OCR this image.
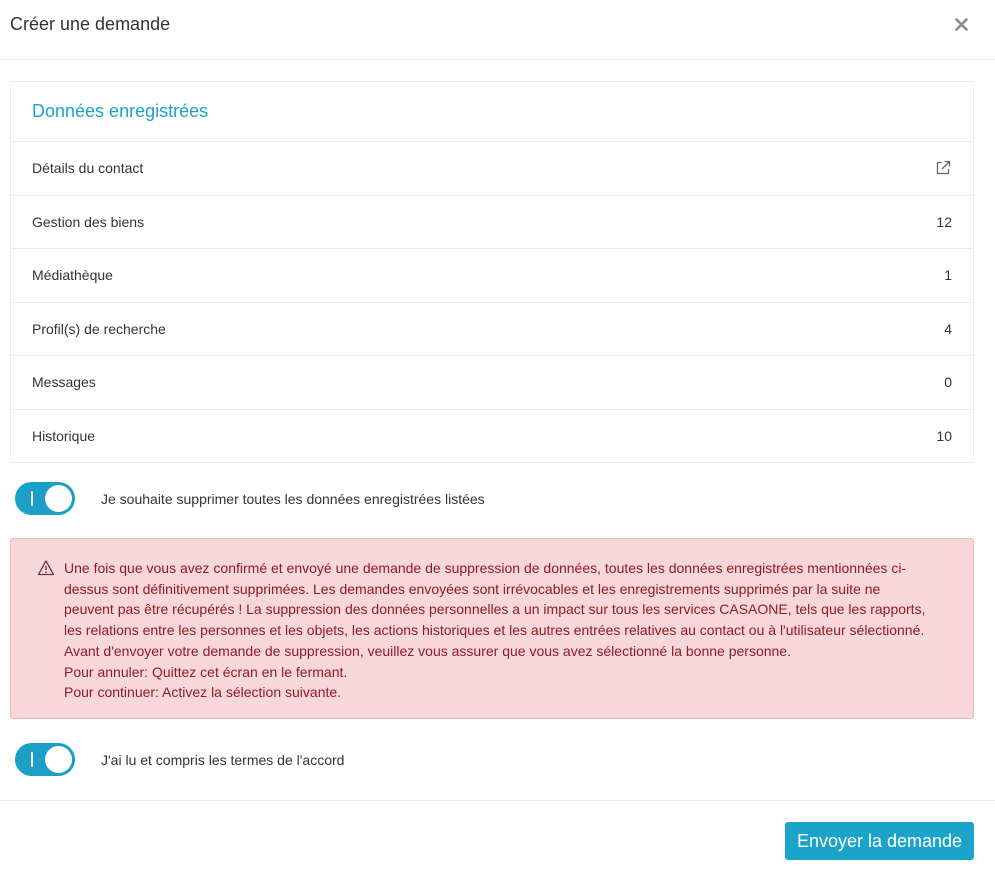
Créer une demande
Données enregistrées
Détails du contact
Gestion des biens	12
Médiathèque	1
Profil(s) de recherche	4
Messages	0
Historique	10
Je souhaite supprimer toutes les données enregistrées listées

Une fois que vous avez confirmé et envoyé une demande de suppression de données, toutes les données enregistrées mentionnées ci-

dessus sont définitivement supprimées. Les demandes envoyées sont irrévocables et les enregistrements supprimés par la suite ne

peuvent pas être récupérés ! La suppression des données personnelles a un impact sur tous les services CASAONE, tels que les rapports,

les relations entre les personnes et les objets, les actions historiques et les autres entrées relatives au contact ou à l'utilisateur sélectionné.

Avant d'envoyer votre demande de suppression, veuillez vous assurer que vous avez sélectionné la bonne personne.

Pour annuler: Quittez cet écran en le fermant.

Pour continuer: Activez la sélection suivante.

J'ai lu et compris les termes de l'accord
Envoyer la demande
